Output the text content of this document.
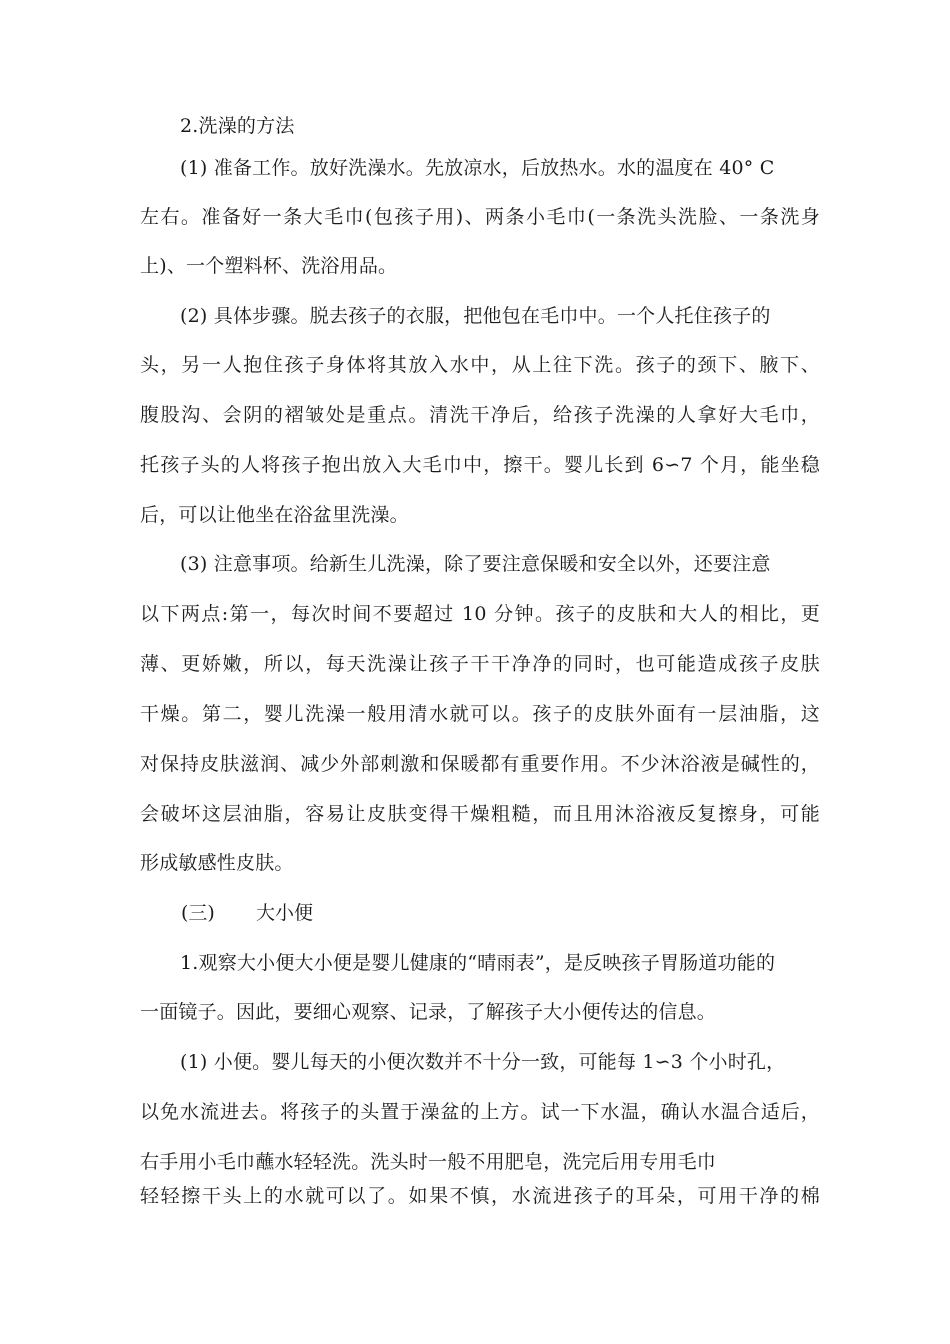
2.洗澡的方法
(1) 准备工作。放好洗澡水。先放凉水，后放热水。水的温度在 40° C
左右。准备好一条大毛巾(包孩子用)、两条小毛巾(一条洗头洗脸、一条洗身
上)、一个塑料杯、洗浴用品。
(2) 具体步骤。脱去孩子的衣服，把他包在毛巾中。一个人托住孩子的
头，另一人抱住孩子身体将其放入水中，从上往下洗。孩子的颈下、腋下、
腹股沟、会阴的褶皱处是重点。清洗干净后，给孩子洗澡的人拿好大毛巾，
托孩子头的人将孩子抱出放入大毛巾中，擦干。婴儿长到 6∽7 个月，能坐稳
后，可以让他坐在浴盆里洗澡。
(3) 注意事项。给新生儿洗澡，除了要注意保暖和安全以外，还要注意
以下两点:第一，每次时间不要超过 10 分钟。孩子的皮肤和大人的相比，更
薄、更娇嫩，所以，每天洗澡让孩子干干净净的同时，也可能造成孩子皮肤
干燥。第二，婴儿洗澡一般用清水就可以。孩子的皮肤外面有一层油脂，这
对保持皮肤滋润、减少外部刺激和保暖都有重要作用。不少沐浴液是碱性的，
会破坏这层油脂，容易让皮肤变得干燥粗糙，而且用沐浴液反复擦身，可能
形成敏感性皮肤。
(三) 大小便
1.观察大小便大小便是婴儿健康的“晴雨表”，是反映孩子胃肠道功能的
一面镜子。因此，要细心观察、记录，了解孩子大小便传达的信息。
(1) 小便。婴儿每天的小便次数并不十分一致，可能每 1∽3 个小时孔，
以免水流进去。将孩子的头置于澡盆的上方。试一下水温，确认水温合适后，
右手用小毛巾蘸水轻轻洗。洗头时一般不用肥皂，洗完后用专用毛巾
轻轻擦干头上的水就可以了。如果不慎，水流进孩子的耳朵，可用干净的棉
